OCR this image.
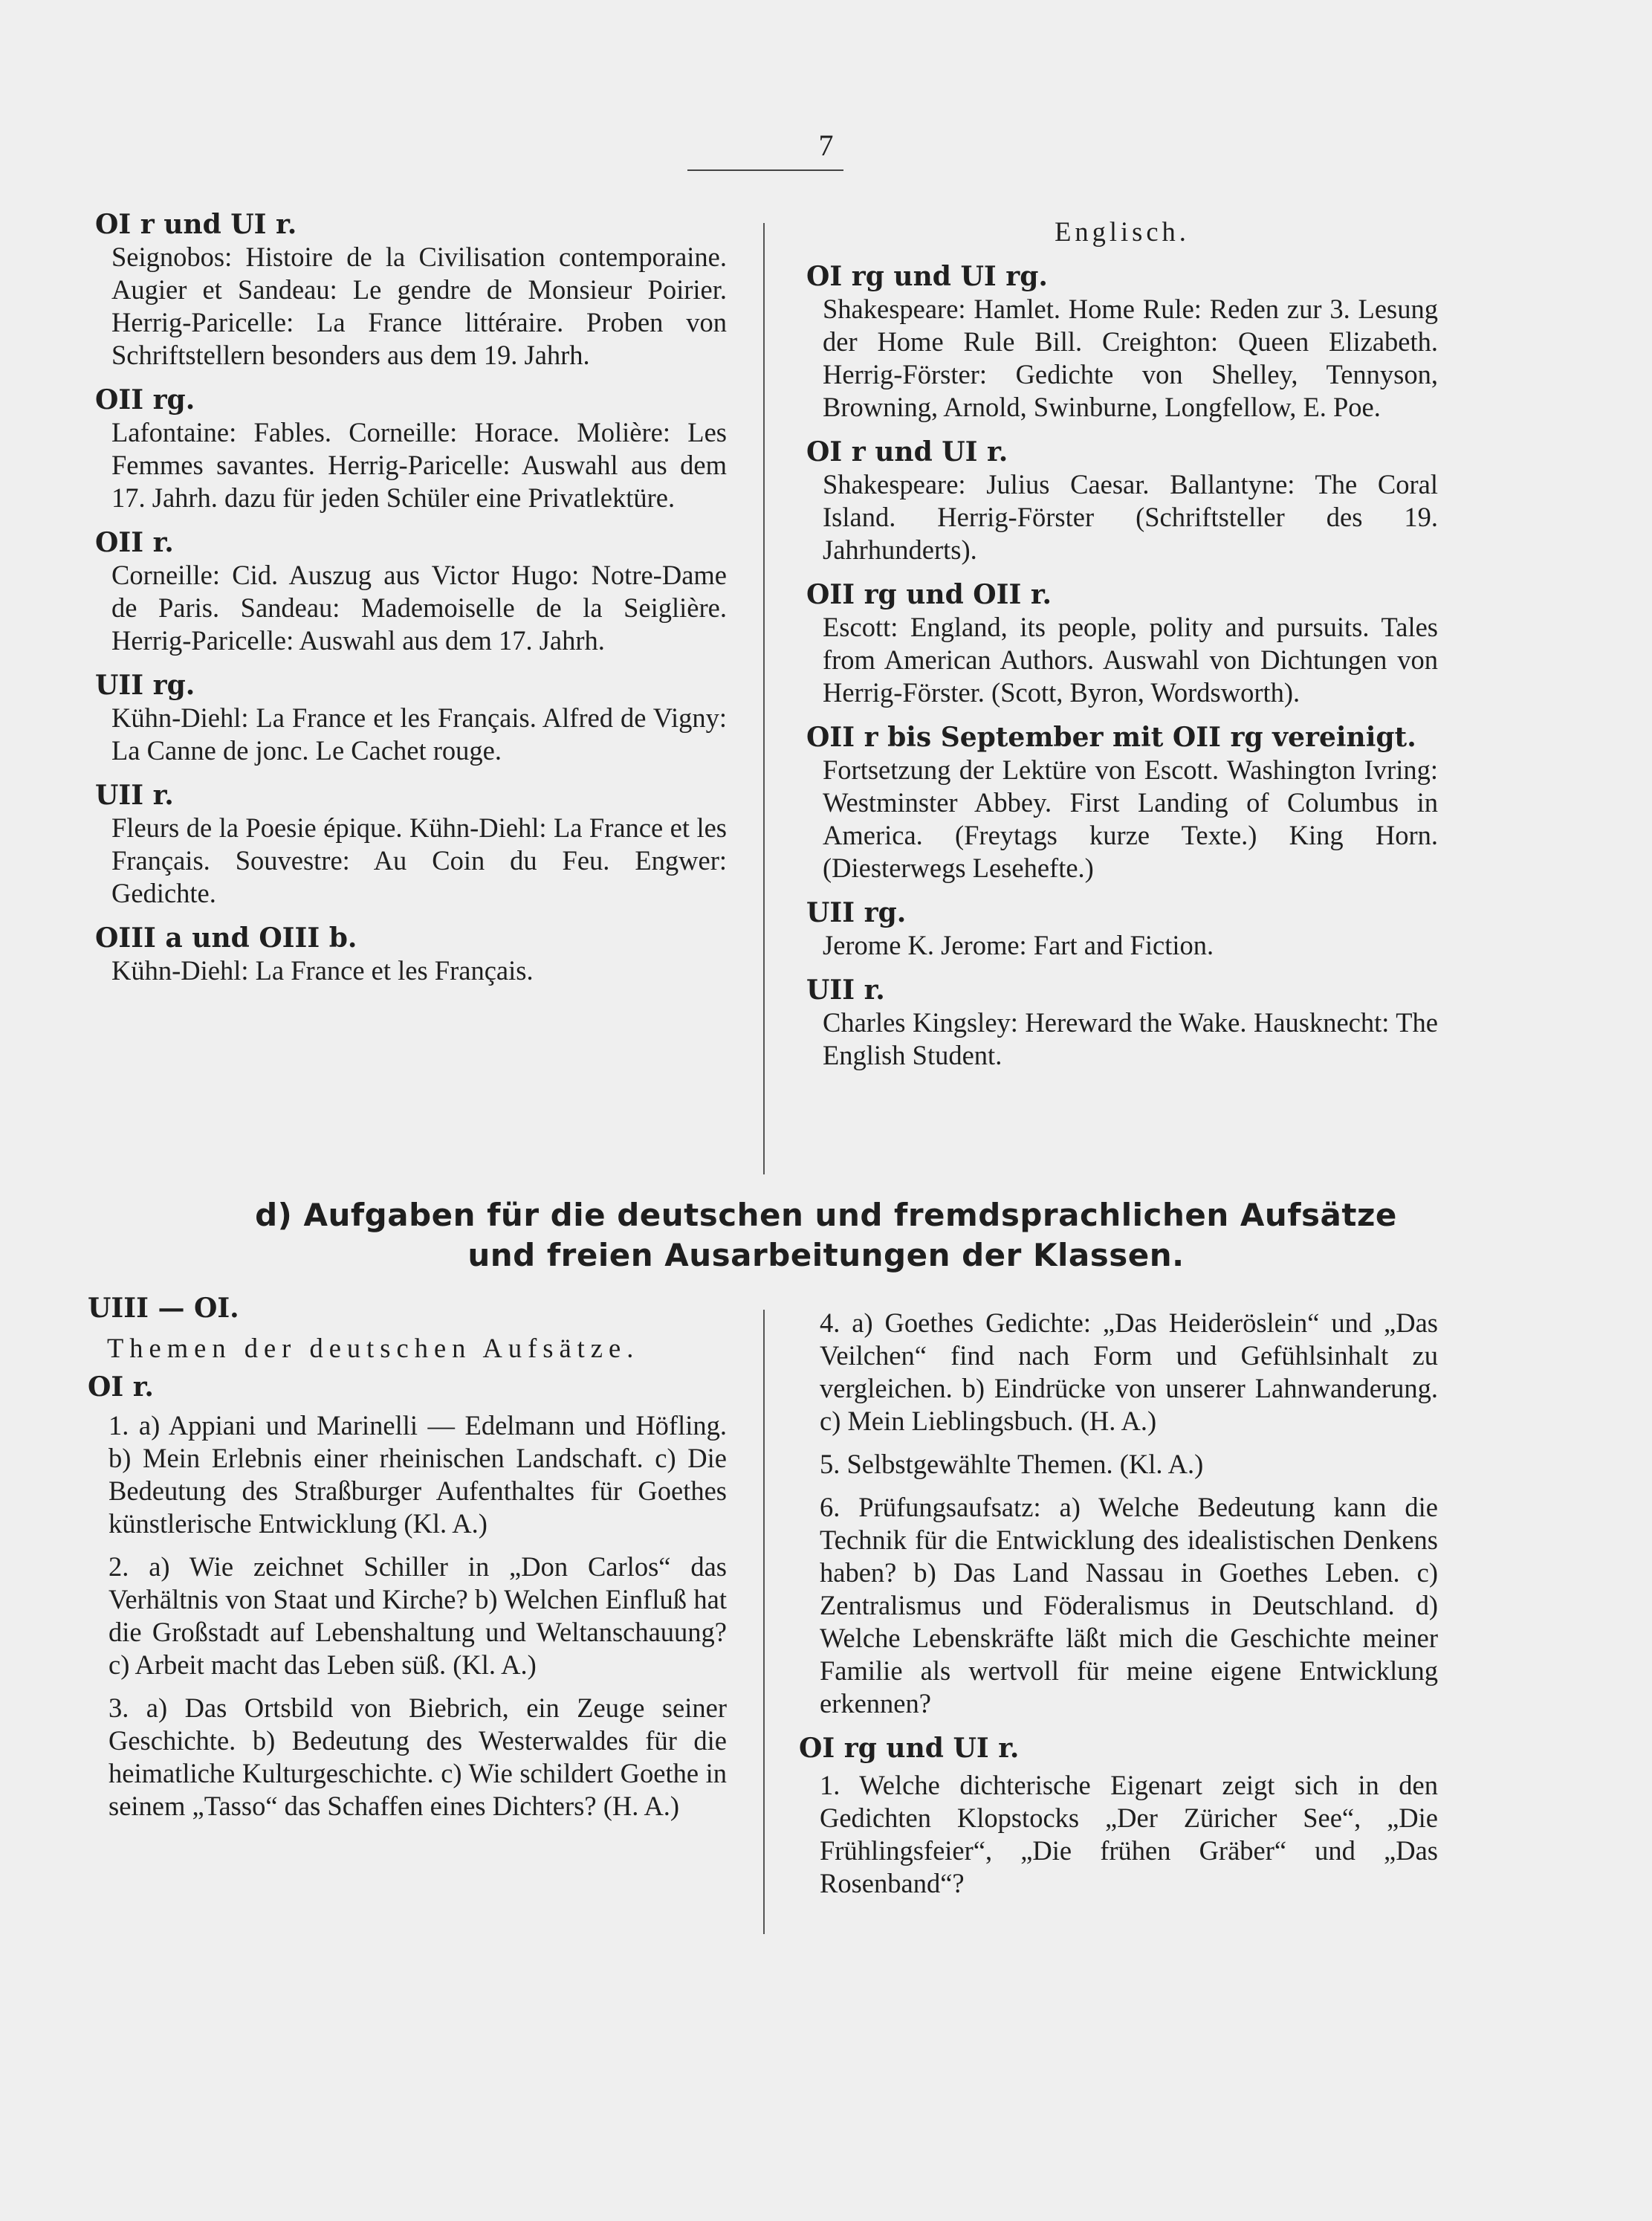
7
OI r und UI r.
Seignobos: Histoire de la Civilisation contemporaine. Augier et Sandeau: Le gendre de Monsieur Poirier. Herrig-Paricelle: La France littéraire. Proben von Schriftstellern besonders aus dem 19. Jahrh.
OII rg.
Lafontaine: Fables. Corneille: Horace. Molière: Les Femmes savantes. Herrig-Paricelle: Auswahl aus dem 17. Jahrh. dazu für jeden Schüler eine Privatlektüre.
OII r.
Corneille: Cid. Auszug aus Victor Hugo: Notre-Dame de Paris. Sandeau: Mademoiselle de la Seiglière. Herrig-Paricelle: Auswahl aus dem 17. Jahrh.
UII rg.
Kühn-Diehl: La France et les Français. Alfred de Vigny: La Canne de jonc. Le Cachet rouge.
UII r.
Fleurs de la Poesie épique. Kühn-Diehl: La France et les Français. Souvestre: Au Coin du Feu. Engwer: Gedichte.
OIII a und OIII b.
Kühn-Diehl: La France et les Français.
Englisch.
OI rg und UI rg.
Shakespeare: Hamlet. Home Rule: Reden zur 3. Lesung der Home Rule Bill. Creighton: Queen Elizabeth. Herrig-Förster: Gedichte von Shelley, Tennyson, Browning, Arnold, Swinburne, Longfellow, E. Poe.
OI r und UI r.
Shakespeare: Julius Caesar. Ballantyne: The Coral Island. Herrig-Förster (Schriftsteller des 19. Jahrhunderts).
OII rg und OII r.
Escott: England, its people, polity and pursuits. Tales from American Authors. Auswahl von Dichtungen von Herrig-Förster. (Scott, Byron, Wordsworth).
OII r bis September mit OII rg vereinigt.
Fortsetzung der Lektüre von Escott. Washington Ivring: Westminster Abbey. First Landing of Columbus in America. (Freytags kurze Texte.) King Horn. (Diesterwegs Lesehefte.)
UII rg.
Jerome K. Jerome: Fart and Fiction.
UII r.
Charles Kingsley: Hereward the Wake. Hausknecht: The English Student.
d) Aufgaben für die deutschen und fremdsprachlichen Aufsätze
und freien Ausarbeitungen der Klassen.
UIII — OI.
Themen der deutschen Aufsätze.
OI r.
1. a) Appiani und Marinelli — Edelmann und Höfling. b) Mein Erlebnis einer rheinischen Landschaft. c) Die Bedeutung des Straßburger Aufenthaltes für Goethes künstlerische Entwicklung (Kl. A.)
2. a) Wie zeichnet Schiller in „Don Carlos“ das Verhältnis von Staat und Kirche? b) Welchen Einfluß hat die Großstadt auf Lebenshaltung und Weltanschauung? c) Arbeit macht das Leben süß. (Kl. A.)
3. a) Das Ortsbild von Biebrich, ein Zeuge seiner Geschichte. b) Bedeutung des Westerwaldes für die heimatliche Kulturgeschichte. c) Wie schildert Goethe in seinem „Tasso“ das Schaffen eines Dichters? (H. A.)
4. a) Goethes Gedichte: „Das Heideröslein“ und „Das Veilchen“ find nach Form und Gefühlsinhalt zu vergleichen. b) Eindrücke von unserer Lahnwanderung. c) Mein Lieblingsbuch. (H. A.)
5. Selbstgewählte Themen. (Kl. A.)
6. Prüfungsaufsatz: a) Welche Bedeutung kann die Technik für die Entwicklung des idealistischen Denkens haben? b) Das Land Nassau in Goethes Leben. c) Zentralismus und Föderalismus in Deutschland. d) Welche Lebenskräfte läßt mich die Geschichte meiner Familie als wertvoll für meine eigene Entwicklung erkennen?
OI rg und UI r.
1. Welche dichterische Eigenart zeigt sich in den Gedichten Klopstocks „Der Züricher See“, „Die Frühlingsfeier“, „Die frühen Gräber“ und „Das Rosenband“?
